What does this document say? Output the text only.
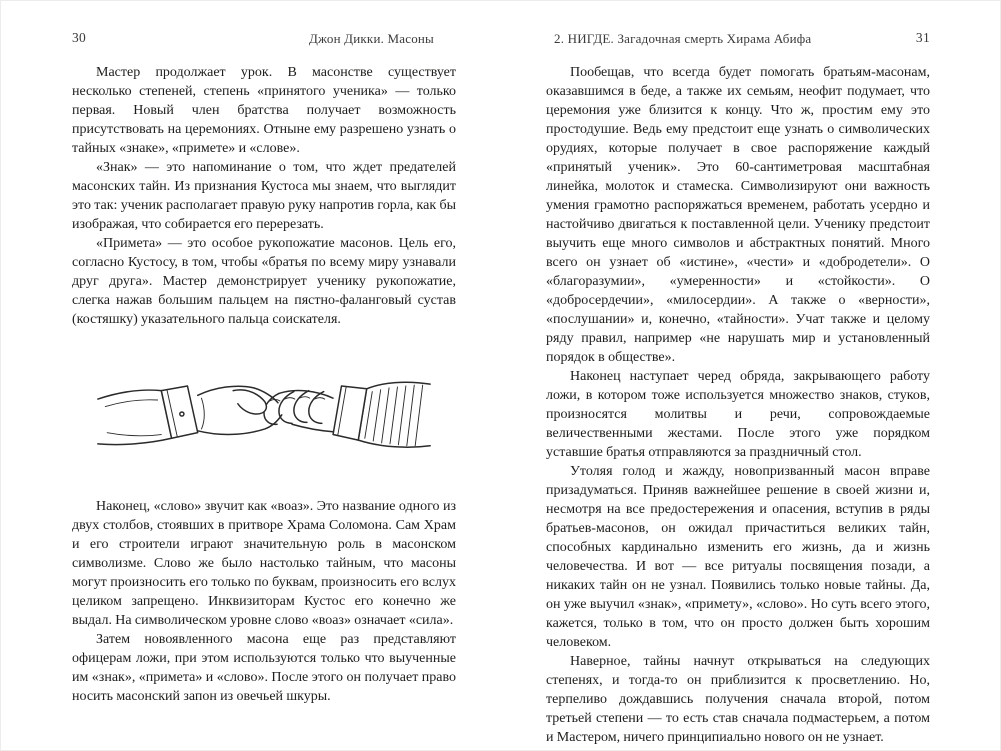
30	Джон Дикки. Масоны

Мастер продолжает урок. В масонстве существует несколько степеней, степень «принятого ученика» — только первая. Новый член братства получает возможность присутствовать на церемониях. Отныне ему разрешено узнать о тайных «знаке», «примете» и «слове».

«Знак» — это напоминание о том, что ждет предателей масонских тайн. Из признания Кустоса мы знаем, что выглядит это так: ученик располагает правую руку напротив горла, как бы изображая, что собирается его перерезать.

«Примета» — это особое рукопожатие масонов. Цель его, согласно Кустосу, в том, чтобы «братья по всему миру узнавали друг друга». Мастер демонстрирует ученику рукопожатие, слегка нажав большим пальцем на пястно-фаланговый сустав (костяшку) указательного пальца соискателя.

Наконец, «слово» звучит как «воаз». Это название одного из двух столбов, стоявших в притворе Храма Соломона. Сам Храм и его строители играют значительную роль в масонском символизме. Слово же было настолько тайным, что масоны могут произносить его только по буквам, произносить его вслух целиком запрещено. Инквизиторам Кустос его конечно же выдал. На символическом уровне слово «воаз» означает «сила».

Затем новоявленного масона еще раз представляют офицерам ложи, при этом используются только что выученные им «знак», «примета» и «слово». После этого он получает право носить масонский запон из овечьей шкуры.

31
2. НИГДЕ. Загадочная смерть Хирама Абифа

Пообещав, что всегда будет помогать братьям-масонам, оказавшимся в беде, а также их семьям, неофит подумает, что церемония уже близится к концу. Что ж, простим ему это простодушие. Ведь ему предстоит еще узнать о символических орудиях, которые получает в свое распоряжение каждый «принятый ученик». Это 60-сантиметровая масштабная линейка, молоток и стамеска. Символизируют они важность умения грамотно распоряжаться временем, работать усердно и настойчиво двигаться к поставленной цели. Ученику предстоит выучить еще много символов и абстрактных понятий. Много всего он узнает об «истине», «чести» и «добродетели». О «благоразумии», «умеренности» и «стойкости». О «добросердечии», «милосердии». А также о «верности», «послушании» и, конечно, «тайности». Учат также и целому ряду правил, например «не нарушать мир и установленный порядок в обществе».

Наконец наступает черед обряда, закрывающего работу ложи, в котором тоже используется множество знаков, стуков, произносятся молитвы и речи, сопровождаемые величественными жестами. После этого уже порядком уставшие братья отправляются за праздничный стол.

Утоляя голод и жажду, новопризванный масон вправе призадуматься. Приняв важнейшее решение в своей жизни и, несмотря на все предостережения и опасения, вступив в ряды братьев-масонов, он ожидал причаститься великих тайн, способных кардинально изменить его жизнь, да и жизнь человечества. И вот — все ритуалы посвящения позади, а никаких тайн он не узнал. Появились только новые тайны. Да, он уже выучил «знак», «примету», «слово». Но суть всего этого, кажется, только в том, что он просто должен быть хорошим человеком.

Наверное, тайны начнут открываться на следующих степенях, и тогда-то он приблизится к просветлению. Но, терпеливо дождавшись получения сначала второй, потом третьей степени — то есть став сначала подмастерьем, а потом и Мастером, ничего принципиально нового он не узнает.
